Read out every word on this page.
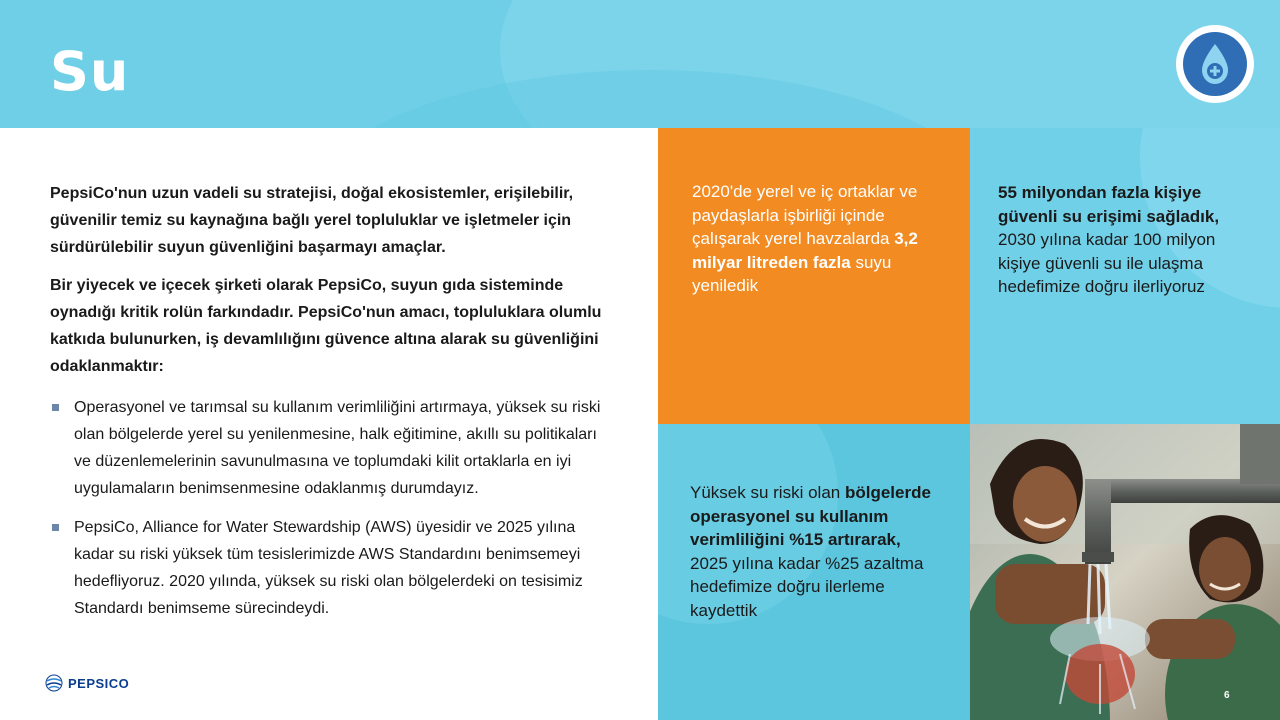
Su

PepsiCo'nun uzun vadeli su stratejisi, doğal ekosistemler, erişilebilir, güvenilir temiz su kaynağına bağlı yerel topluluklar ve işletmeler için sürdürülebilir suyun güvenliğini başarmayı amaçlar.

Bir yiyecek ve içecek şirketi olarak PepsiCo, suyun gıda sisteminde oynadığı kritik rolün farkındadır. PepsiCo'nun amacı, topluluklara olumlu katkıda bulunurken, iş devamlılığını güvence altına alarak su güvenliğini odaklanmaktır:

Operasyonel ve tarımsal su kullanım verimliliğini artırmaya, yüksek su riski olan bölgelerde yerel su yenilenmesine, halk eğitimine, akıllı su politikaları ve düzenlemelerinin savunulmasına ve toplumdaki kilit ortaklarla en iyi uygulamaların benimsenmesine odaklanmış durumdayız.
PepsiCo, Alliance for Water Stewardship (AWS) üyesidir ve 2025 yılına kadar su riski yüksek tüm tesislerimizde AWS Standardını benimsemeyi hedefliyoruz. 2020 yılında, yüksek su riski olan bölgelerdeki on tesisimiz Standardı benimseme sürecindeydi.
PEPSICO
2020'de yerel ve iç ortaklar ve paydaşlarla işbirliği içinde çalışarak yerel havzalarda 3,2 milyar litreden fazla suyu yeniledik
55 milyondan fazla kişiye güvenli su erişimi sağladık, 2030 yılına kadar 100 milyon kişiye güvenli su ile ulaşma hedefimize doğru ilerliyoruz
Yüksek su riski olan bölgelerde operasyonel su kullanım verimliliğini %15 artırarak, 2025 yılına kadar %25 azaltma hedefimize doğru ilerleme kaydettik
6
